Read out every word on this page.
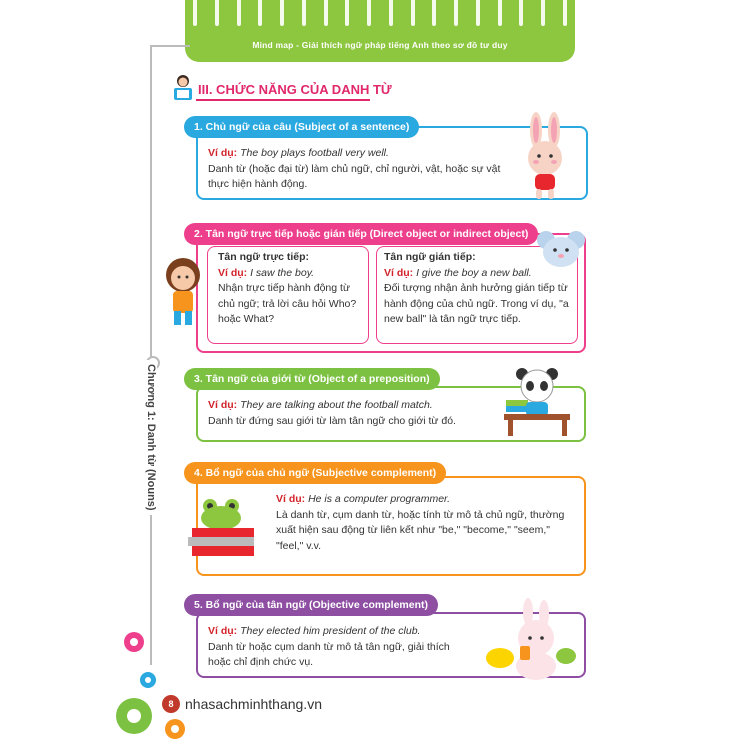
Mind map - Giải thích ngữ pháp tiếng Anh theo sơ đồ tư duy
Chương 1: Danh từ (Nouns)
III. CHỨC NĂNG CỦA DANH TỪ
1. Chủ ngữ của câu (Subject of a sentence)
Ví dụ: The boy plays football very well.
Danh từ (hoặc đại từ) làm chủ ngữ, chỉ người, vật, hoặc sự vật thực hiện hành động.
2. Tân ngữ trực tiếp hoặc gián tiếp (Direct object or indirect object)
Tân ngữ trực tiếp:
Ví dụ: I saw the boy.
Nhận trực tiếp hành động từ chủ ngữ; trả lời câu hỏi Who? hoặc What?
Tân ngữ gián tiếp:
Ví dụ: I give the boy a new ball.
Đối tượng nhận ảnh hưởng gián tiếp từ hành động của chủ ngữ. Trong ví dụ, "a new ball" là tân ngữ trực tiếp.
3. Tân ngữ của giới từ (Object of a preposition)
Ví dụ: They are talking about the football match.
Danh từ đứng sau giới từ làm tân ngữ cho giới từ đó.
4. Bổ ngữ của chủ ngữ (Subjective complement)
Ví dụ: He is a computer programmer.
Là danh từ, cụm danh từ, hoặc tính từ mô tả chủ ngữ, thường xuất hiện sau động từ liên kết như "be," "become," "seem," "feel," v.v.
5. Bổ ngữ của tân ngữ (Objective complement)
Ví dụ: They elected him president of the club.
Danh từ hoặc cụm danh từ mô tả tân ngữ, giải thích hoặc chỉ định chức vụ.
8 nhasachminhthang.vn
